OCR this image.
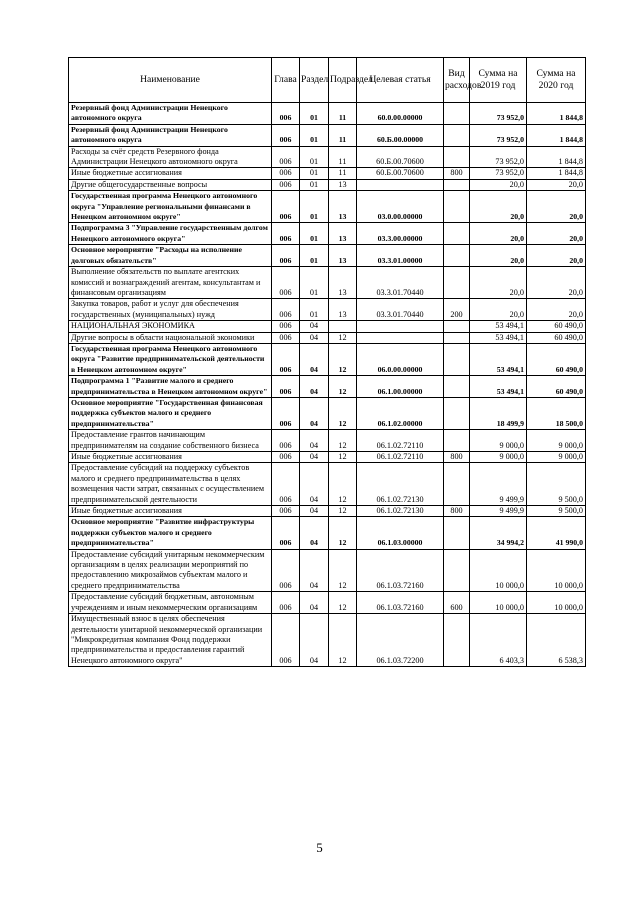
Наименование	Глава	Раздел	Подраздел	Целевая статья	Вид расходов	Сумма на 2019 год	Сумма на 2020 год
Резервный фонд Администрации Ненецкого автономного округа	006	01	11	60.0.00.00000		73 952,0	1 844,8
Резервный фонд Администрации Ненецкого автономного округа	006	01	11	60.Б.00.00000		73 952,0	1 844,8
Расходы за счёт средств Резервного фонда Администрации Ненецкого автономного округа	006	01	11	60.Б.00.70600		73 952,0	1 844,8
Иные бюджетные ассигнования	006	01	11	60.Б.00.70600	800	73 952,0	1 844,8
Другие общегосударственные вопросы	006	01	13			20,0	20,0
Государственная программа Ненецкого автономного округа "Управление региональными финансами в Ненецком автономном округе"	006	01	13	03.0.00.00000		20,0	20,0
Подпрограмма 3 "Управление государственным долгом Ненецкого автономного округа"	006	01	13	03.3.00.00000		20,0	20,0
Основное мероприятие "Расходы на исполнение долговых обязательств"	006	01	13	03.3.01.00000		20,0	20,0
Выполнение обязательств по выплате агентских комиссий и вознаграждений агентам, консультантам и финансовым организациям	006	01	13	03.3.01.70440		20,0	20,0
Закупка товаров, работ и услуг для обеспечения государственных (муниципальных) нужд	006	01	13	03.3.01.70440	200	20,0	20,0
НАЦИОНАЛЬНАЯ ЭКОНОМИКА	006	04				53 494,1	60 490,0
Другие вопросы в области национальной экономики	006	04	12			53 494,1	60 490,0
Государственная программа Ненецкого автономного округа "Развитие предпринимательской деятельности в Ненецком автономном округе"	006	04	12	06.0.00.00000		53 494,1	60 490,0
Подпрограмма 1 "Развитие малого и среднего предпринимательства в Ненецком автономном округе"	006	04	12	06.1.00.00000		53 494,1	60 490,0
Основное мероприятие "Государственная финансовая поддержка субъектов малого и среднего предпринимательства"	006	04	12	06.1.02.00000		18 499,9	18 500,0
Предоставление грантов начинающим предпринимателям на создание собственного бизнеса	006	04	12	06.1.02.72110		9 000,0	9 000,0
Иные бюджетные ассигнования	006	04	12	06.1.02.72110	800	9 000,0	9 000,0
Предоставление субсидий на поддержку субъектов малого и среднего предпринимательства в целях возмещения части затрат, связанных с осуществлением предпринимательской деятельности	006	04	12	06.1.02.72130		9 499,9	9 500,0
Иные бюджетные ассигнования	006	04	12	06.1.02.72130	800	9 499,9	9 500,0
Основное мероприятие "Развитие инфраструктуры поддержки субъектов малого и среднего предпринимательства"	006	04	12	06.1.03.00000		34 994,2	41 990,0
Предоставление субсидий унитарным некоммерческим организациям в целях реализации мероприятий по предоставлению микрозаймов субъектам малого и среднего предпринимательства	006	04	12	06.1.03.72160		10 000,0	10 000,0
Предоставление субсидий бюджетным, автономным учреждениям и иным некоммерческим организациям	006	04	12	06.1.03.72160	600	10 000,0	10 000,0
Имущественный взнос в целях обеспечения деятельности унитарной некоммерческой организации "Микрокредитная компания Фонд поддержки предпринимательства и предоставления гарантий Ненецкого автономного округа"	006	04	12	06.1.03.72200		6 403,3	6 538,3
5
